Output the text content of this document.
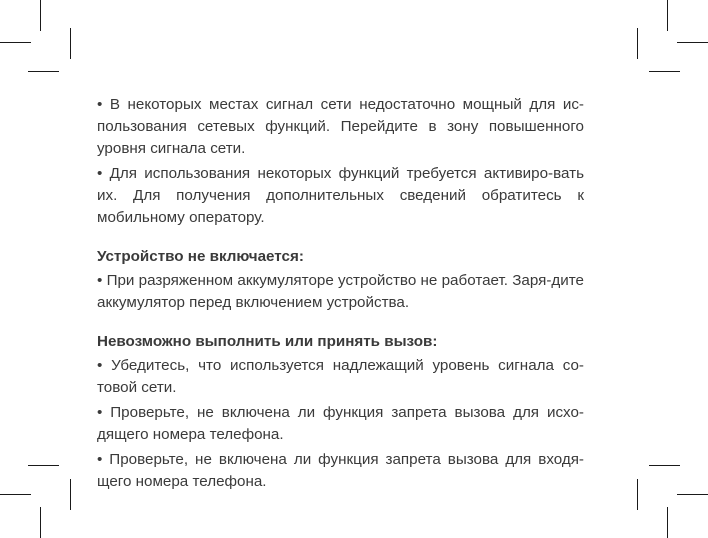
• В некоторых местах сигнал сети недостаточно мощный для ис-пользования сетевых функций. Перейдите в зону повышенного уровня сигнала сети.

• Для использования некоторых функций требуется активиро-вать их. Для получения дополнительных сведений обратитесь к мобильному оператору.

Устройство не включается:

• При разряженном аккумуляторе устройство не работает. Заря-дите аккумулятор перед включением устройства.

Невозможно выполнить или принять вызов:

• Убедитесь, что используется надлежащий уровень сигнала со-товой сети.

• Проверьте, не включена ли функция запрета вызова для исхо-дящего номера телефона.

• Проверьте, не включена ли функция запрета вызова для входя-щего номера телефона.
